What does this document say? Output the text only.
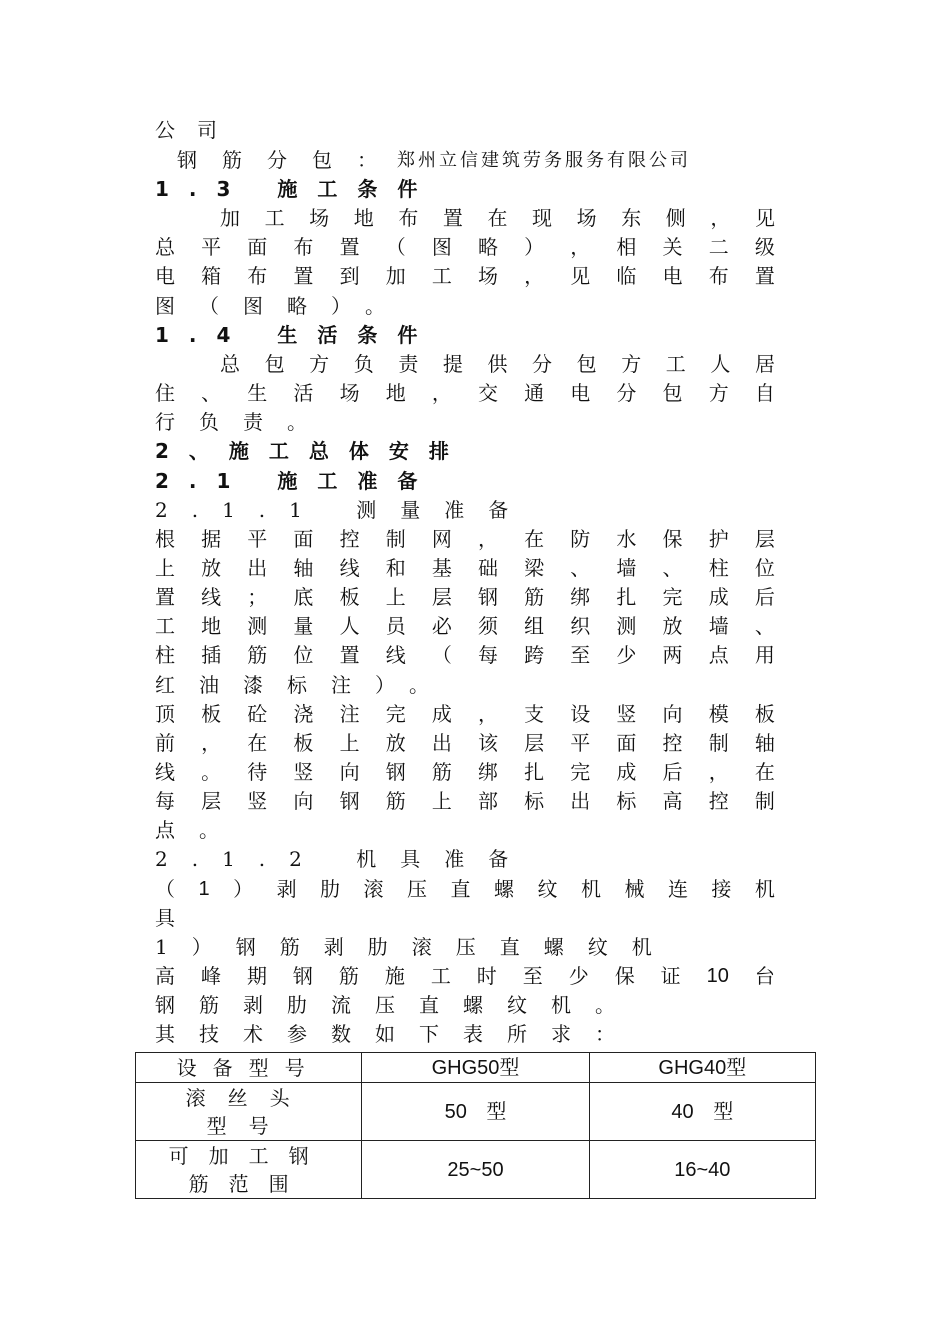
公司
钢筋分包：
郑州立信建筑劳务服务有限公司
1.3 施工条件
加 工 场 地 布 置 在 现 场 东 侧 ， 见
总 平 面 布 置 （ 图 略 ） ， 相 关 二 级
电 箱 布 置 到 加 工 场 ， 见 临 电 布 置
图（图略）。
1.4 生活条件
总 包 方 负 责 提 供 分 包 方 工 人 居
住 、 生 活 场 地 ， 交 通 电 分 包 方 自
行负责。
2、施工总体安排
2.1 施工准备
2.1.1 测量准备
根 据 平 面 控 制 网 ， 在 防 水 保 护 层
上 放 出 轴 线 和 基 础 梁 、 墙 、 柱 位
置 线 ； 底 板 上 层 钢 筋 绑 扎 完 成 后
工 地 测 量 人 员 必 须 组 织 测 放 墙 、
柱 插 筋 位 置 线 （ 每 跨 至 少 两 点 用
红油漆标注）。
顶 板 砼 浇 注 完 成 ， 支 设 竖 向 模 板
前 ， 在 板 上 放 出 该 层 平 面 控 制 轴
线 。 待 竖 向 钢 筋 绑 扎 完 成 后 ， 在
每 层 竖 向 钢 筋 上 部 标 出 标 高 控 制
点。
2.1.2 机具准备
（ 1 ） 剥 肋 滚 压 直 螺 纹 机 械 连 接 机
具
1）钢筋剥肋滚压直螺纹机
高 峰 期 钢 筋 施 工 时 至 少 保 证 10 台
钢筋剥肋流压直螺纹机。
其技术参数如下表所求：
设备型号	GHG50型	GHG40型

滚丝头型号	50 型	40 型

可加工钢筋范围	25~50	16~40
